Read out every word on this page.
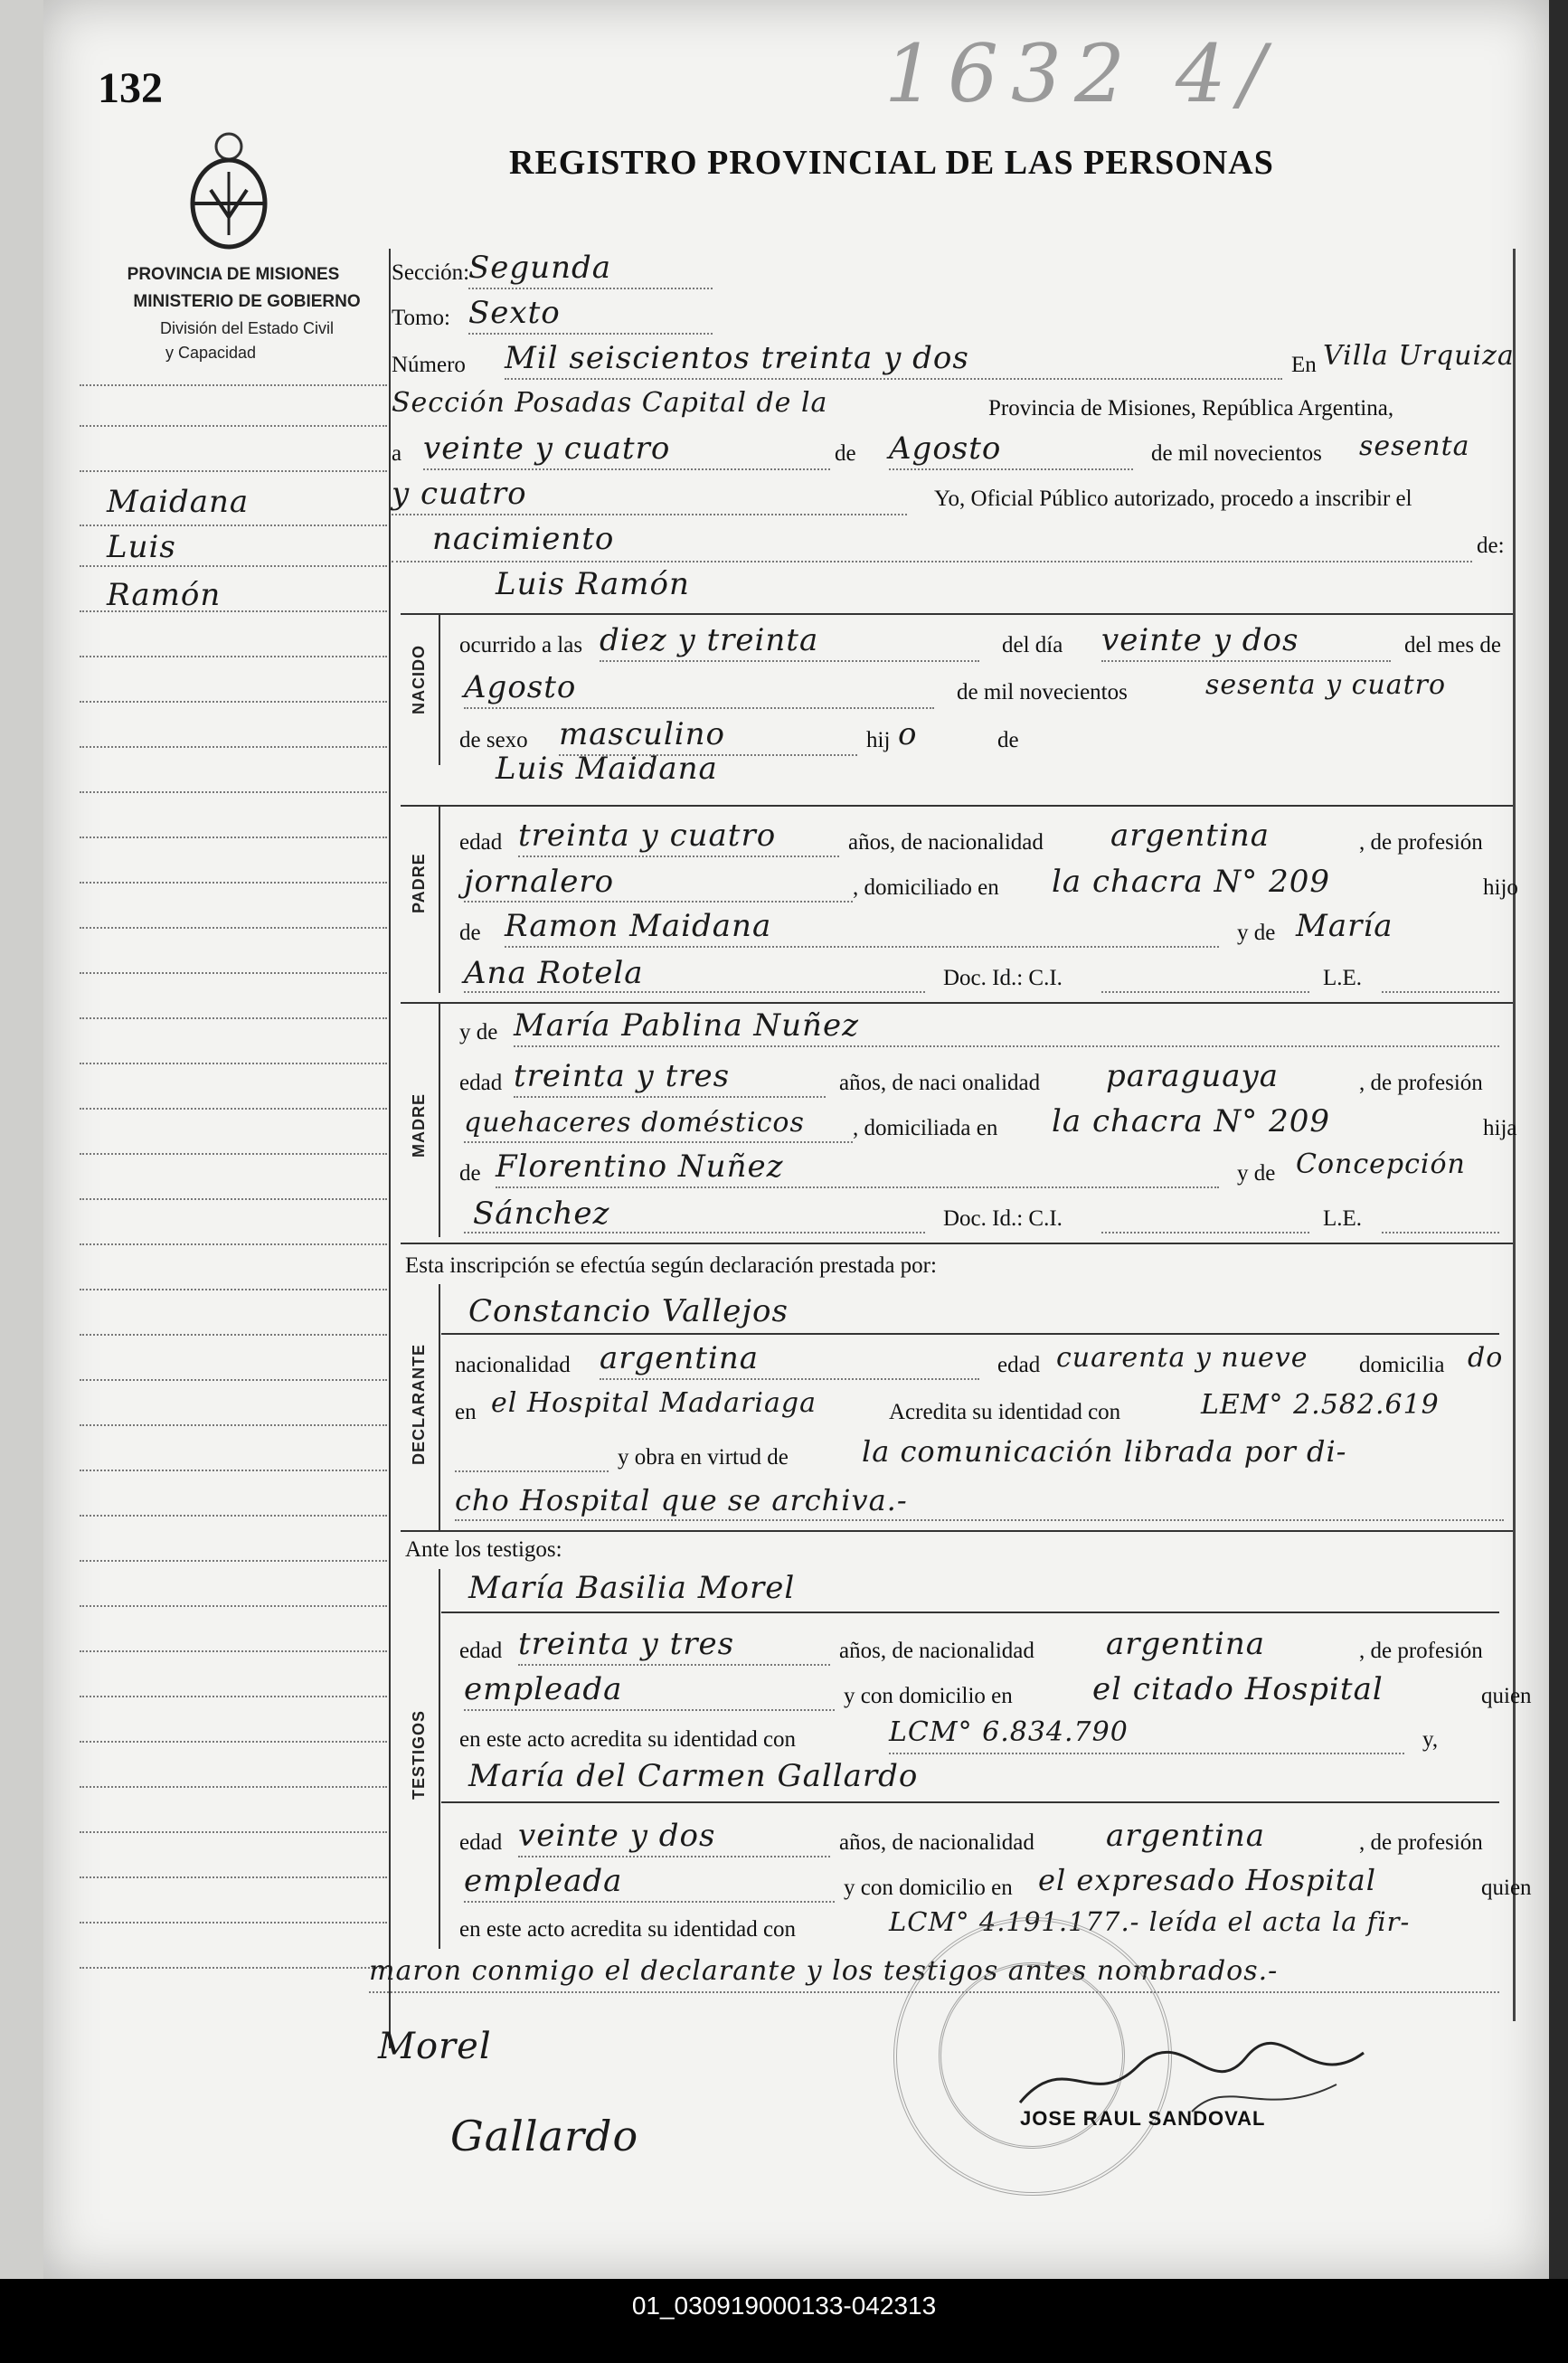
132	1632 4/
REGISTRO PROVINCIAL DE LAS PERSONAS
PROVINCIA DE MISIONES
MINISTERIO DE GOBIERNO
División del Estado Civil
y Capacidad
Maidana
Luis
Ramón
Sección:
Segunda
Tomo: Sexto
Número Mil seiscientos treinta y dos	En Villa Urquiza
Sección Posadas Capital de la	Provincia de Misiones, República Argentina,
a veinte y cuatro	de Agosto	de mil novecientos sesenta
y cuatro	Yo, Oficial Público autorizado, procedo a inscribir el
nacimiento	de:
NACIDO
Luis Ramón
ocurrido a las diez y treinta	del día veinte y dos	del mes de
Agosto	de mil novecientos	sesenta y cuatro
de sexo masculino	hij o	de
Luis Maidana
PADRE
edad treinta y cuatro	años, de nacionalidad argentina	, de profesión
jornalero	, domiciliado en la chacra N° 209	hijo
de Ramon Maidana	y de María
Ana Rotela	Doc. Id.: C.I.	L.E.
y de María Pablina Nuñez
MADRE
edad treinta y tres	años, de naci onalidad paraguaya	, de profesión
quehaceres domésticos , domiciliada en la chacra N° 209	hija
de Florentino Nuñez	y de Concepción
Sánchez	Doc. Id.: C.I.	L.E.
Esta inscripción se efectúa según declaración prestada por:
DECLARANTE
Constancio Vallejos
nacionalidad argentina	edad cuarenta y nueve domicilia do
en el Hospital Madariaga	Acredita su identidad con	LEM° 2.582.619
y obra en virtud de	la comunicación librada por di-
cho Hospital que se archiva.-
Ante los testigos:
TESTIGOS
María Basilia Morel
edad treinta y tres	años, de nacionalidad argentina	, de profesión
empleada	y con domicilio en	el citado Hospital	quien
en este acto acredita su identidad con	LCM° 6.834.790	y,
María del Carmen Gallardo
edad veinte y dos	años, de nacionalidad argentina	, de profesión
empleada	y con domicilio en el expresado Hospital	quien
en este acto acredita su identidad con	LCM° 4.191.177.- leída el acta la fir-
maron conmigo el declarante y los testigos antes nombrados.-
Morel
Gallardo	JOSE RAUL SANDOVAL
01_030919000133-042313
